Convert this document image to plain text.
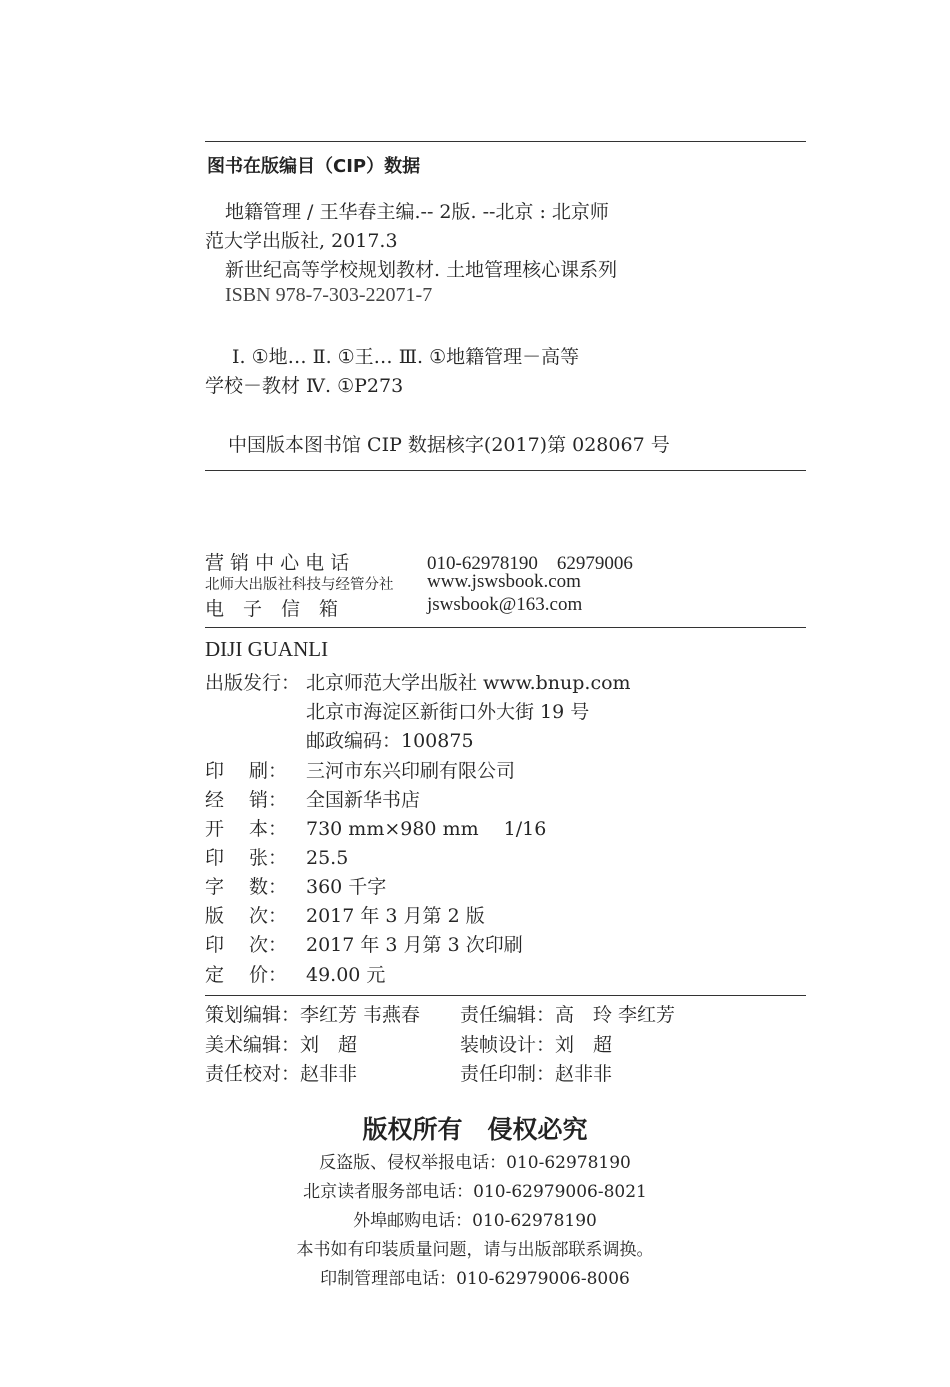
图书在版编目（CIP）数据
地籍管理 / 王华春主编.-- 2版. --北京 : 北京师
范大学出版社, 2017.3
新世纪高等学校规划教材. 土地管理核心课系列
ISBN 978-7-303-22071-7
Ⅰ. ①地… Ⅱ. ①王… Ⅲ. ①地籍管理－高等
学校－教材 Ⅳ. ①P273
中国版本图书馆 CIP 数据核字(2017)第 028067 号
营 销 中 心 电 话	010-62978190　62979006
北师大出版社科技与经管分社 www.jswsbook.com
电　子　信　箱	jswsbook@163.com
DIJI GUANLI
出版发行： 北京师范大学出版社 www.bnup.com
北京市海淀区新街口外大街 19 号
邮政编码：100875
印 刷： 三河市东兴印刷有限公司
经 销： 全国新华书店
开 本： 730 mm×980 mm　 1/16
印 张： 25.5
字 数： 360 千字
版 次： 2017 年 3 月第 2 版
印 次： 2017 年 3 月第 3 次印刷
定 价： 49.00 元
策划编辑：李红芳 韦燕春 责任编辑：高　玲 李红芳
美术编辑：刘　超	装帧设计：刘　超
责任校对：赵非非	责任印制：赵非非
版权所有　侵权必究
反盗版、侵权举报电话：010-62978190
北京读者服务部电话：010-62979006-8021
外埠邮购电话：010-62978190
本书如有印装质量问题，请与出版部联系调换。
印制管理部电话：010-62979006-8006
